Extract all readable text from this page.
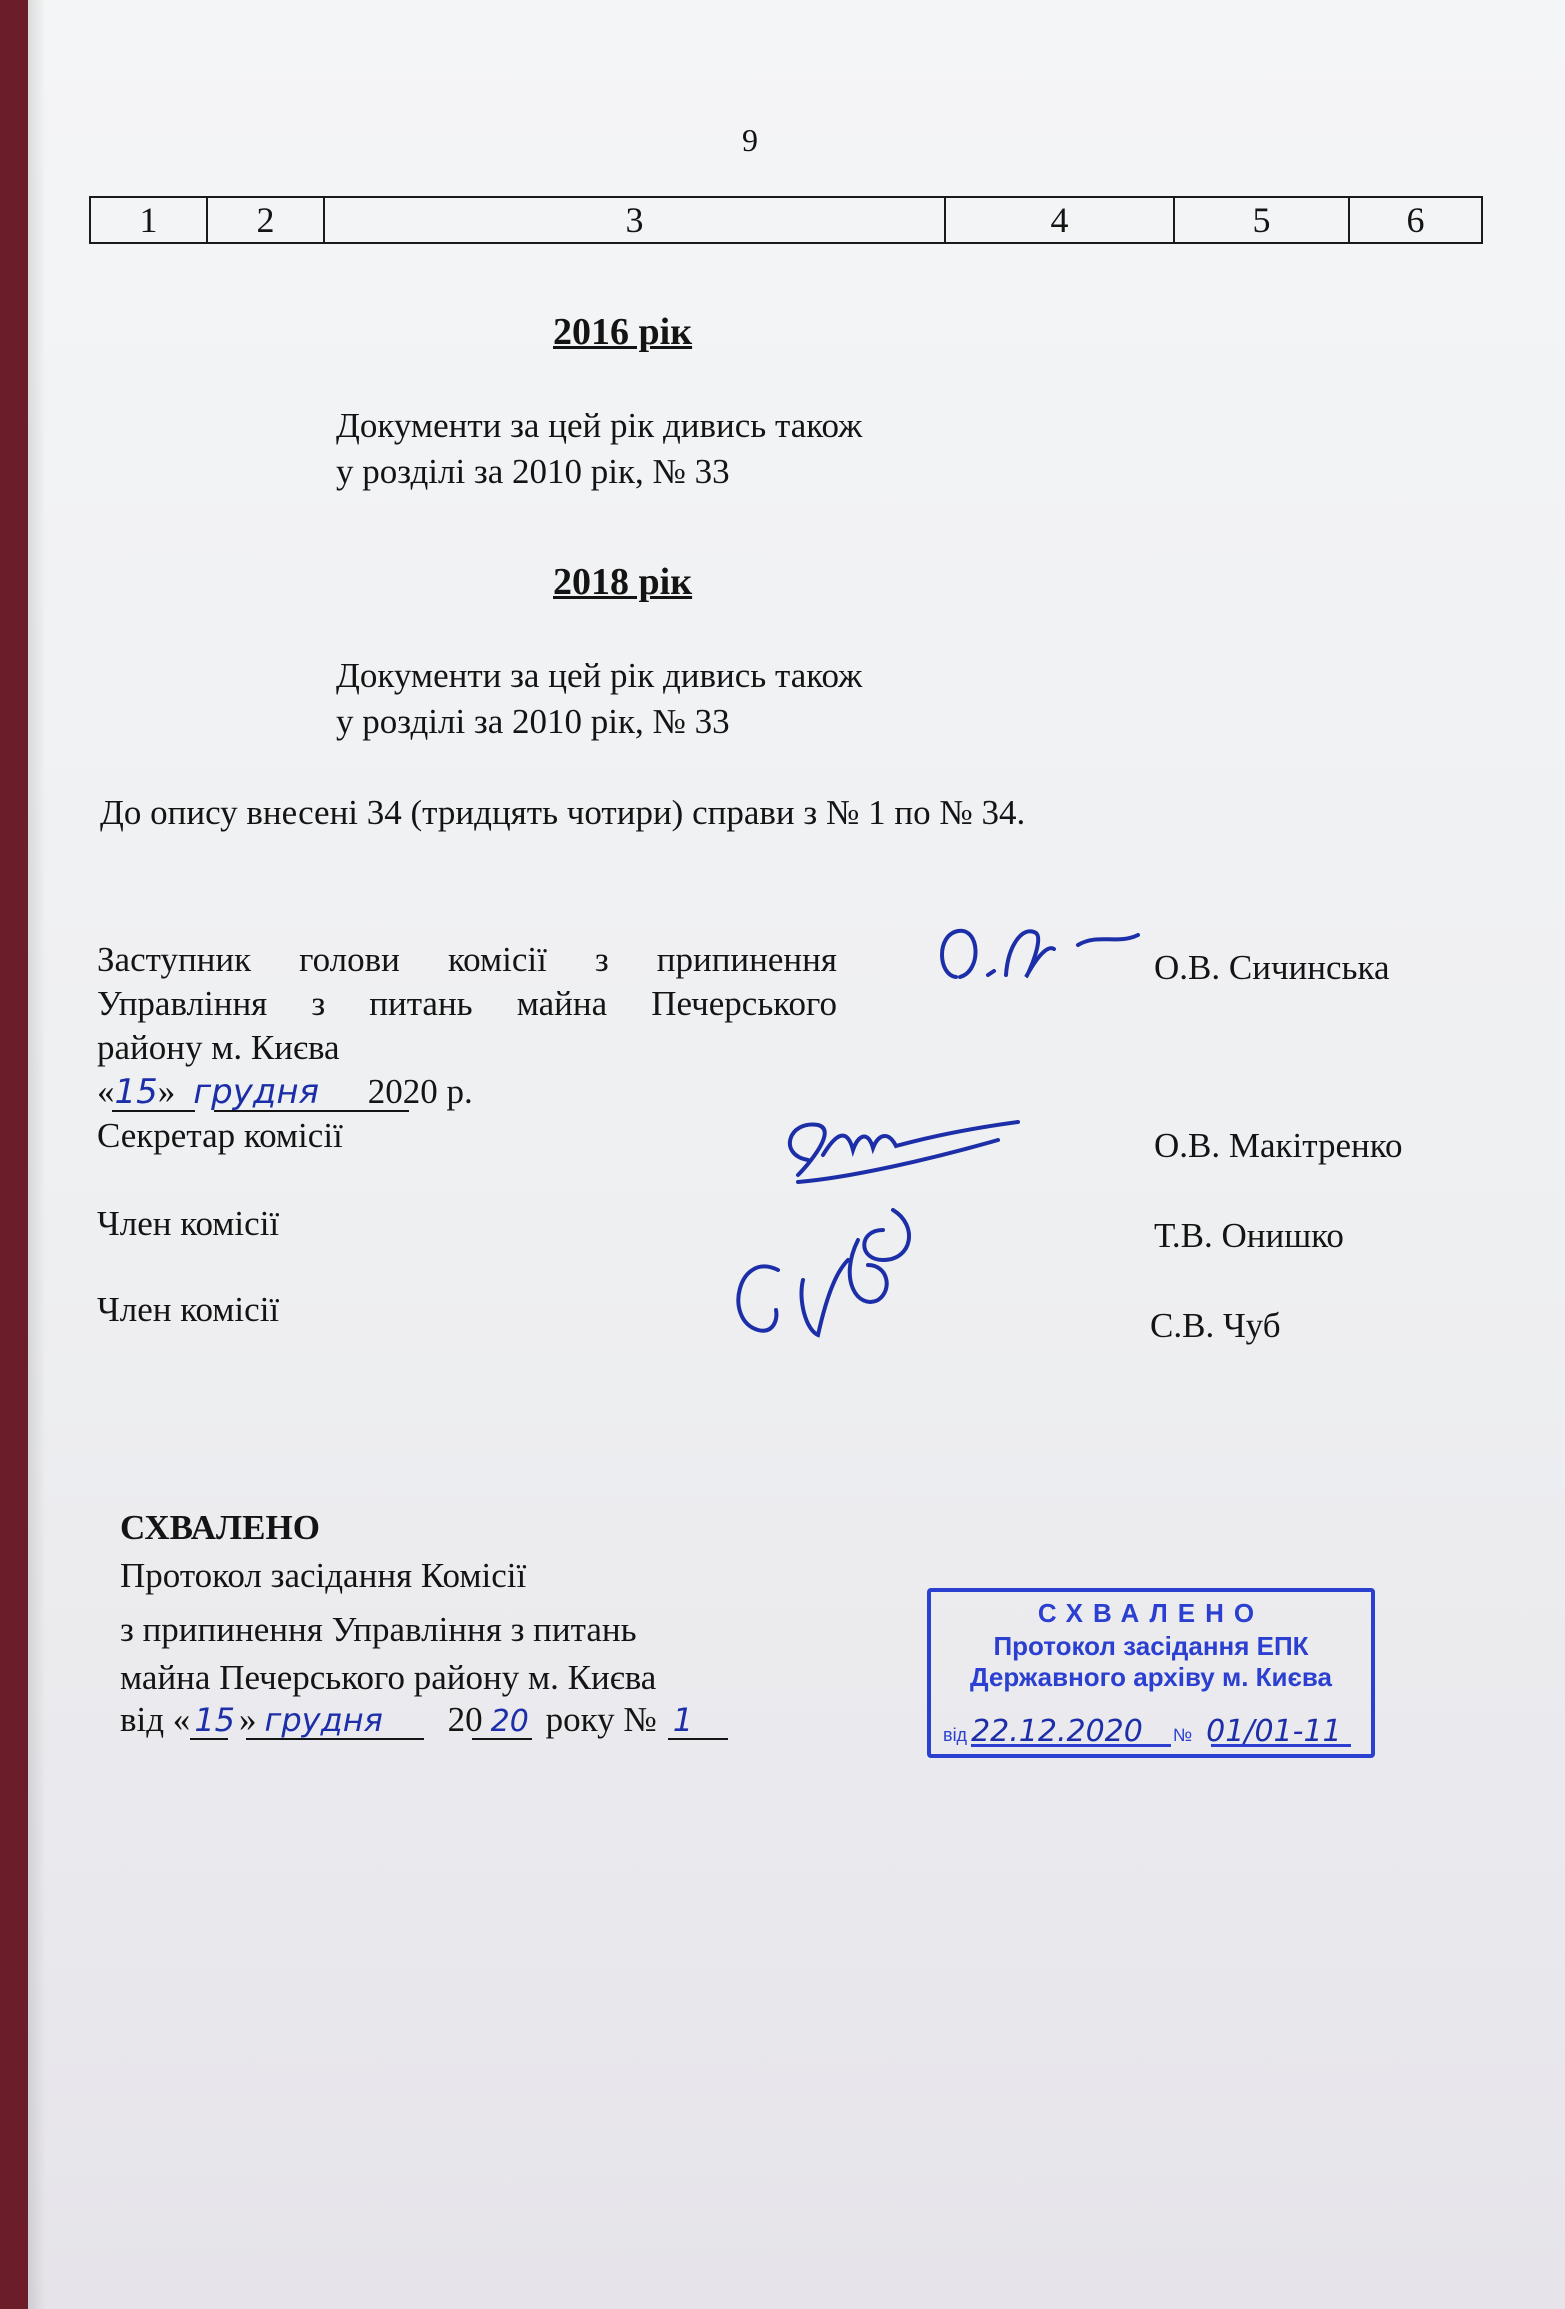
9
1	2	3	4	5	6
2016 рік
Документи за цей рік дивись також
у розділі за 2010 рік, № 33
2018 рік
Документи за цей рік дивись також
у розділі за 2010 рік, № 33
До опису внесені 34 (тридцять чотири) справи з № 1 по № 34.
Заступник голови комісії з припинення
Управління з питань майна Печерського
району м. Києва
О.В. Сичинська
«15» грудня 2020 р.
Секретар комісії	О.В. Макітренко
Член комісії	Т.В. Онишко
Член комісії	С.В. Чуб
СХВАЛЕНО
Протокол засідання Комісії
з припинення Управління з питань
майна Печерського району м. Києва
від « 15 » грудня 20 20 року № 1
СХВАЛЕНО
Протокол засідання ЕПК
Державного архіву м. Києва
від 22.12.2020 № 01/01-11
